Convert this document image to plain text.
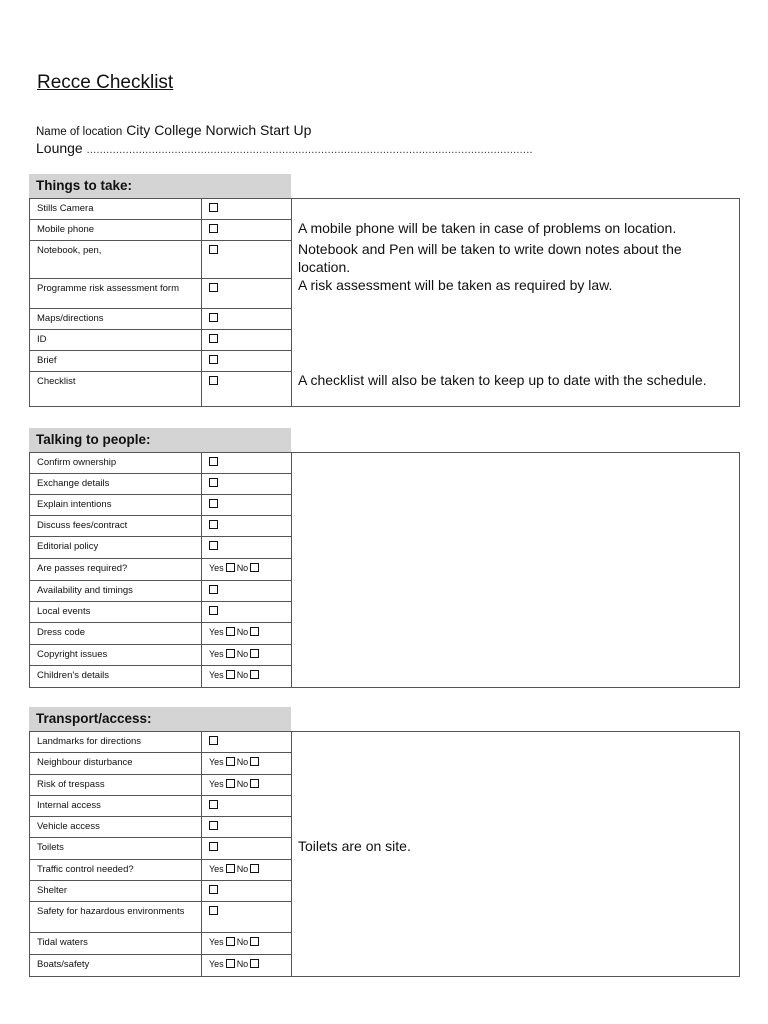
Recce Checklist
Name of location City College Norwich Start Up
Lounge .........................................................................................................................................
Things to take:
Stills Camera
Mobile phone
Notebook, pen,
Programme risk assessment form
Maps/directions
ID
Brief
Checklist
A mobile phone will be taken in case of problems on location.
Notebook and Pen will be taken to write down notes about the location.
A risk assessment will be taken as required by law.
A checklist will also be taken to keep up to date with the schedule.
Talking to people:
Confirm ownership
Exchange details
Explain intentions
Discuss fees/contract
Editorial policy
Are passes required?	Yes No
Availability and timings
Local events
Dress code	Yes No
Copyright issues	Yes No
Children's details	Yes No
Transport/access:
Landmarks for directions
Neighbour disturbance	Yes No
Risk of trespass	Yes No
Internal access
Vehicle access
Toilets
Traffic control needed?	Yes No
Shelter
Safety for hazardous environments
Tidal waters	Yes No
Boats/safety	Yes No
Toilets are on site.
